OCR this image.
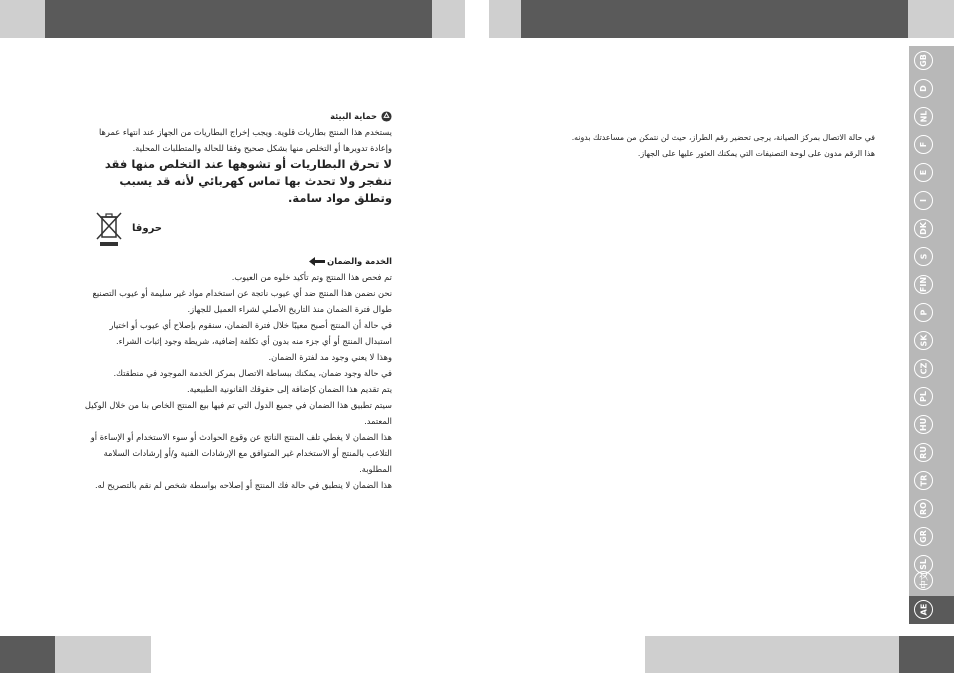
حماية البيئة

يستخدم هذا المنتج بطاريات قلوية. ويجب إخراج البطاريات من الجهاز عند انتهاء عمرها وإعادة تدويرها أو التخلص منها بشكل صحيح وفقا للحالة والمتطلبات المحلية.

لا تحرق البطاريات أو تشوهها عند التخلص منها فقد تنفجر ولا تحدث بها تماس كهربائي لأنه قد يسبب وتطلق مواد سامة.

حروقا
الخدمة والضمان

تم فحص هذا المنتج وتم تأكيد خلوه من العيوب.

نحن نضمن هذا المنتج ضد أي عيوب ناتجة عن استخدام مواد غير سليمة أو عيوب التصنيع طوال فترة الضمان منذ التاريخ الأصلي لشراء العميل للجهاز.

في حالة أن المنتج أصبح معيبًا خلال فترة الضمان، سنقوم بإصلاح أي عيوب أو اختيار استبدال المنتج أو أي جزء منه بدون أي تكلفة إضافية، شريطة وجود إثبات الشراء.

وهذا لا يعني وجود مد لفترة الضمان.

في حالة وجود ضمان، يمكنك ببساطة الاتصال بمركز الخدمة الموجود في منطقتك.

يتم تقديم هذا الضمان كإضافة إلى حقوقك القانونية الطبيعية.

سيتم تطبيق هذا الضمان في جميع الدول التي تم فيها بيع المنتج الخاص بنا من خلال الوكيل المعتمد.

هذا الضمان لا يغطي تلف المنتج الناتج عن وقوع الحوادث أو سوء الاستخدام أو الإساءة أو التلاعب بالمنتج أو الاستخدام غير المتوافق مع الإرشادات الفنية و/أو إرشادات السلامة المطلوبة.

هذا الضمان لا ينطبق في حالة فك المنتج أو إصلاحه بواسطة شخص لم نقم بالتصريح له.

في حالة الاتصال بمركز الصيانة، يرجى تحضير رقم الطراز، حيث لن نتمكن من مساعدتك بدونه.

هذا الرقم مدون على لوحة التصنيفات التي يمكنك العثور عليها على الجهاز.

GB
D
NL
F
E
I
DK
S
FIN
P
SK
CZ
PL
HU
RU
TR
RO
GR
SL
中文
AE
